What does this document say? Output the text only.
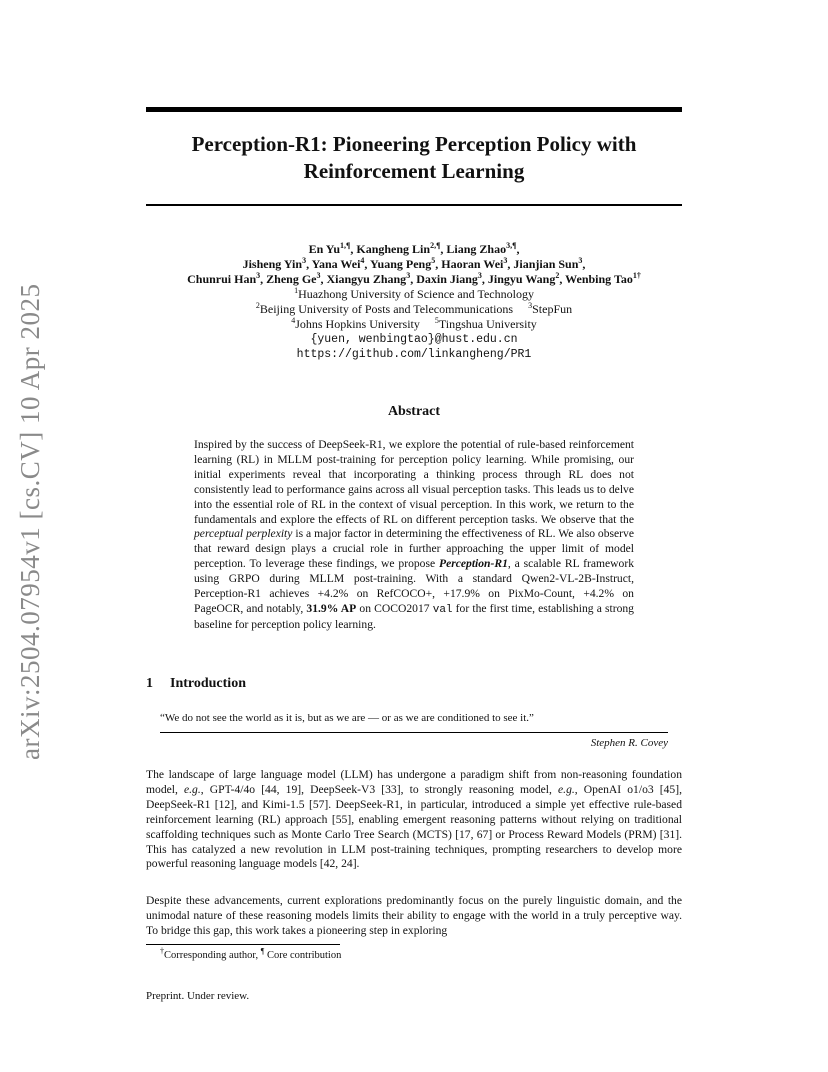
arXiv:2504.07954v1 [cs.CV] 10 Apr 2025
Perception-R1: Pioneering Perception Policy with
Reinforcement Learning
En $Yu^{1,\P}$, Kangheng Lin$^{2,\P}$, Liang Zhao$^{3,\P}$,
Jisheng Yin$^3$, Yana Wei$^4$, Yuang Peng$^5$, Haoran Wei$^3$, Jianjian Sun$^3$,
Chunrui Han$^3$, Zheng Ge$^3$, Xiangyu Zhang$^3$, Daxin Jiang$^3$, Jingyu Wang$^2$, Wenbing Tao$^{1\dagger}$
$^1$Huazhong University of Science and Technology
$^2$Beijing University of Posts and Telecommunications $^3$StepFun
$^4$Johns Hopkins University $^5$Tingshua University
{yuen, wenbingtao}@hust.edu.cn
https://github.com/linkangheng/PR1
Abstract
Inspired by the success of DeepSeek-R1, we explore the potential of rule-based reinforcement learning (RL) in MLLM post-training for perception policy learning. While promising, our initial experiments reveal that incorporating a thinking process through RL does not consistently lead to performance gains across all visual perception tasks. This leads us to delve into the essential role of RL in the context of visual perception. In this work, we return to the fundamentals and explore the effects of RL on different perception tasks. We observe that the perceptual perplexity is a major factor in determining the effectiveness of RL. We also observe that reward design plays a crucial role in further approaching the upper limit of model perception. To leverage these findings, we propose Perception-R1, a scalable RL framework using GRPO during MLLM post-training. With a standard Qwen2-VL-2B-Instruct, Perception-R1 achieves +4.2% on RefCOCO+, +17.9% on PixMo-Count, +4.2% on PageOCR, and notably, 31.9% AP on COCO2017 val for the first time, establishing a strong baseline for perception policy learning.
1 Introduction
“We do not see the world as it is, but as we are — or as we are conditioned to see it.”
Stephen R. Covey

The landscape of large language model (LLM) has undergone a paradigm shift from non-reasoning foundation model, e.g., GPT-4/4o [44, 19], DeepSeek-V3 [33], to strongly reasoning model, e.g., OpenAI o1/o3 [45], DeepSeek-R1 [12], and Kimi-1.5 [57]. DeepSeek-R1, in particular, introduced a simple yet effective rule-based reinforcement learning (RL) approach [55], enabling emergent reasoning patterns without relying on traditional scaffolding techniques such as Monte Carlo Tree Search (MCTS) [17, 67] or Process Reward Models (PRM) [31]. This has catalyzed a new revolution in LLM post-training techniques, prompting researchers to develop more powerful reasoning language models [42, 24].

Despite these advancements, current explorations predominantly focus on the purely linguistic domain, and the unimodal nature of these reasoning models limits their ability to engage with the world in a truly perceptive way. To bridge this gap, this work takes a pioneering step in exploring

†Corresponding author, ¶ Core contribution
Preprint. Under review.
